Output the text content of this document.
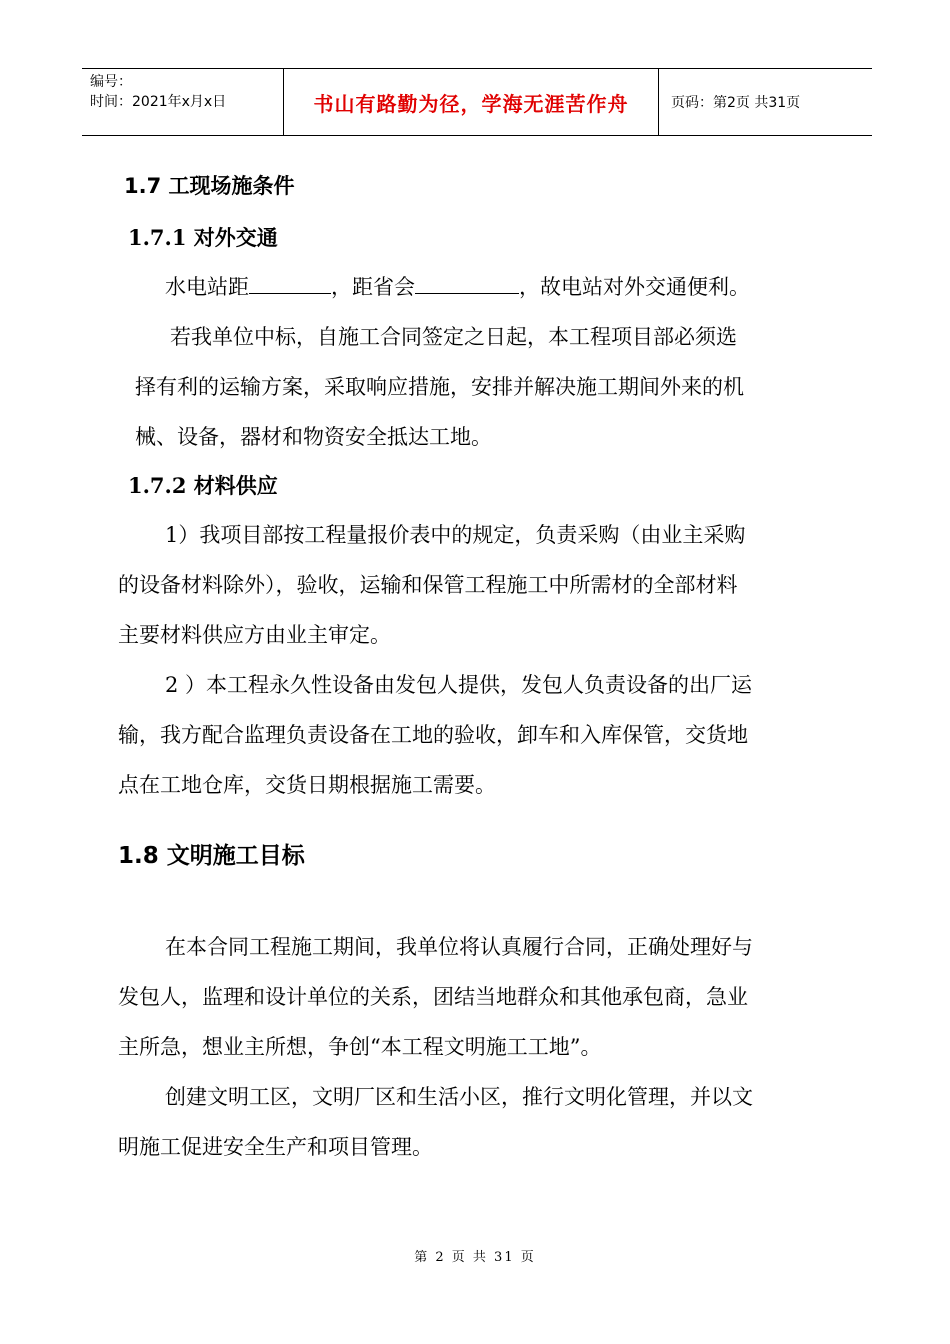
编号：
时间：2021年x月x日	书山有路勤为径，学海无涯苦作舟	页码：第2页 共31页
1.7 工现场施条件
1.7.1 对外交通

水电站距	，距省会	，故电站对外交通便利。

若我单位中标，自施工合同签定之日起，本工程项目部必须选

择有利的运输方案，采取响应措施，安排并解决施工期间外来的机

械、设备，器材和物资安全抵达工地。

1.7.2 材料供应

1）我项目部按工程量报价表中的规定，负责采购（由业主采购

的设备材料除外），验收，运输和保管工程施工中所需材的全部材料

主要材料供应方由业主审定。

2 ）本工程永久性设备由发包人提供，发包人负责设备的出厂运

输，我方配合监理负责设备在工地的验收，卸车和入库保管，交货地

点在工地仓库，交货日期根据施工需要。

1.8 文明施工目标

在本合同工程施工期间，我单位将认真履行合同，正确处理好与

发包人，监理和设计单位的关系，团结当地群众和其他承包商，急业

主所急，想业主所想，争创“本工程文明施工工地”。

创建文明工区，文明厂区和生活小区，推行文明化管理，并以文

明施工促进安全生产和项目管理。

第 2 页 共 31 页
